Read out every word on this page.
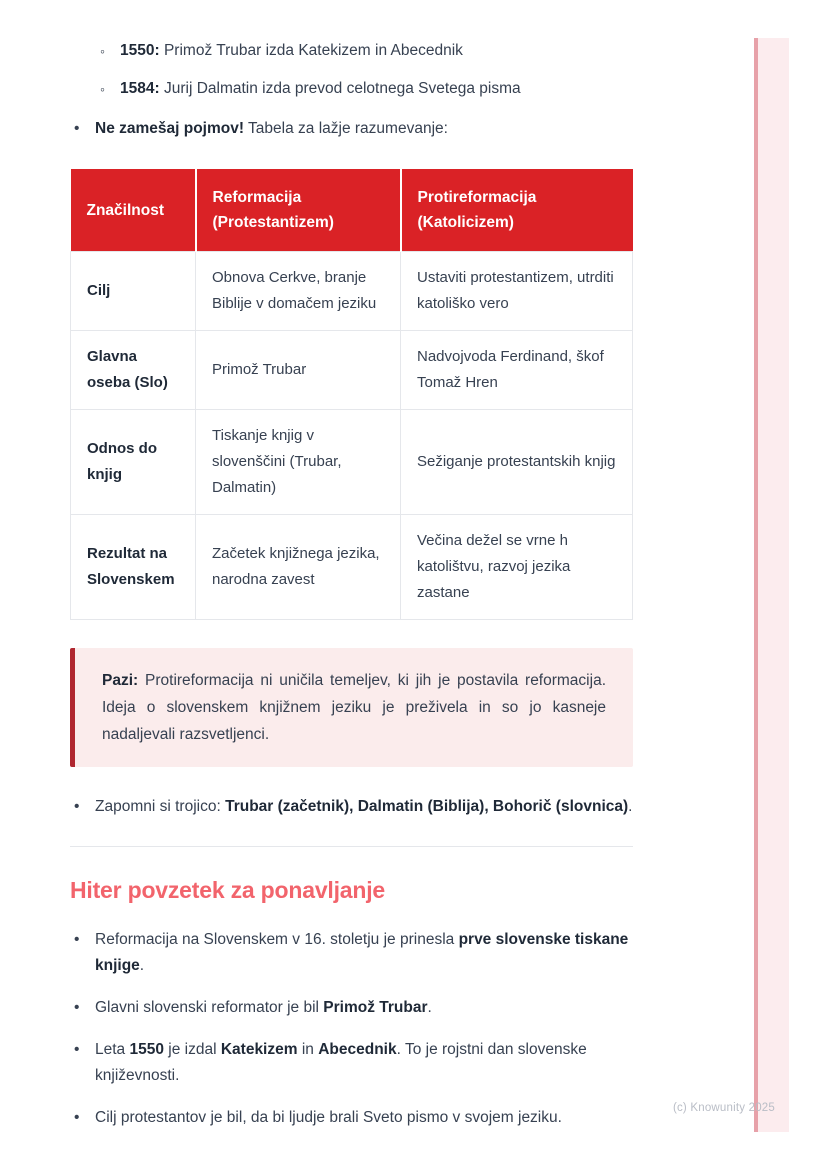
(c) Knowunity 2025
◦ 1550: Primož Trubar izda Katekizem in Abecednik
◦ 1584: Jurij Dalmatin izda prevod celotnega Svetega pisma
• Ne zamešaj pojmov! Tabela za lažje razumevanje:
Značilnost	Reformacija (Protestantizem)	Protireformacija (Katolicizem)
Cilj	Obnova Cerkve, branje Biblije v domačem jeziku	Ustaviti protestantizem, utrditi katoliško vero
Glavna oseba (Slo)	Primož Trubar	Nadvojvoda Ferdinand, škof Tomaž Hren
Odnos do knjig	Tiskanje knjig v slovenščini (Trubar, Dalmatin)	Sežiganje protestantskih knjig
Rezultat na Slovenskem	Začetek knjižnega jezika, narodna zavest	Večina dežel se vrne h katolištvu, razvoj jezika zastane

Pazi: Protireformacija ni uničila temeljev, ki jih je postavila reformacija. Ideja o slovenskem knjižnem jeziku je preživela in so jo kasneje nadaljevali razsvetljenci.

• Zapomni si trojico: Trubar (začetnik), Dalmatin (Biblija), Bohorič (slovnica).
Hiter povzetek za ponavljanje
• Reformacija na Slovenskem v 16. stoletju je prinesla prve slovenske tiskane knjige.
• Glavni slovenski reformator je bil Primož Trubar.
• Leta 1550 je izdal Katekizem in Abecednik. To je rojstni dan slovenske književnosti.
• Cilj protestantov je bil, da bi ljudje brali Sveto pismo v svojem jeziku.
